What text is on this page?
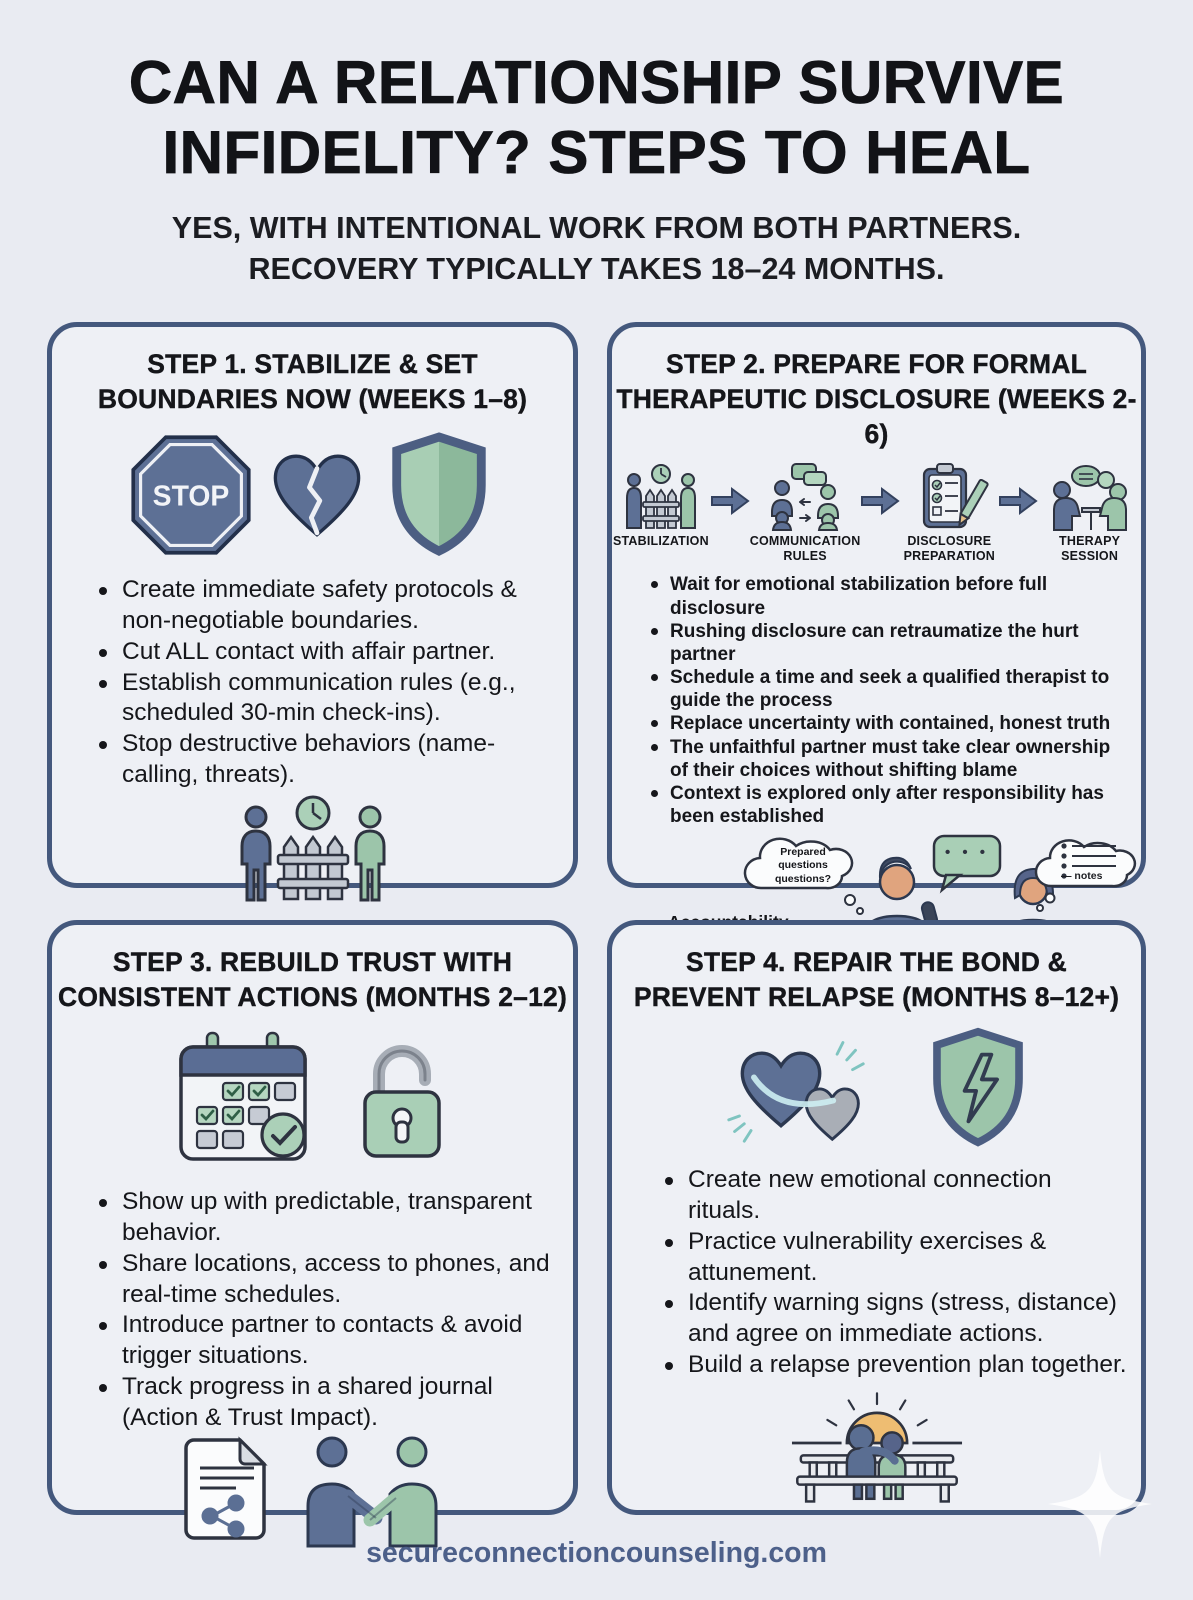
CAN A RELATIONSHIP SURVIVE
INFIDELITY? STEPS TO HEAL
YES, WITH INTENTIONAL WORK FROM BOTH PARTNERS.
RECOVERY TYPICALLY TAKES 18–24 MONTHS.
STEP 1. STABILIZE & SET
BOUNDARIES NOW (WEEKS 1–8)
STOP
Create immediate safety protocols & non-negotiable boundaries.
Cut ALL contact with affair partner.
Establish communication rules (e.g., scheduled 30-min check-ins).
Stop destructive behaviors (name-calling, threats).
STEP 2. PREPARE FOR FORMAL
THERAPEUTIC DISCLOSURE (WEEKS 2-6)
STABILIZATION	COMMUNICATION RULES
DISCLOSURE PREPARATION
THERAPY SESSION
Wait for emotional stabilization before full disclosure
Rushing disclosure can retraumatize the hurt partner
Schedule a time and seek a qualified therapist to guide the process
Replace uncertainty with contained, honest truth
The unfaithful partner must take clear ownership of their choices without shifting blame
Context is explored only after responsibility has been established
Prepared questions questions?
• • •
— notes
STEP 3. REBUILD TRUST WITH
CONSISTENT ACTIONS (MONTHS 2–12)
Show up with predictable, transparent behavior.
Share locations, access to phones, and real-time schedules.
Introduce partner to contacts & avoid trigger situations.
Track progress in a shared journal (Action & Trust Impact).
STEP 4. REPAIR THE BOND &
PREVENT RELAPSE (MONTHS 8–12+)
Create new emotional connection rituals.
Practice vulnerability exercises & attunement.
Identify warning signs (stress, distance) and agree on immediate actions.
Build a relapse prevention plan together.
secureconnectioncounseling.com
